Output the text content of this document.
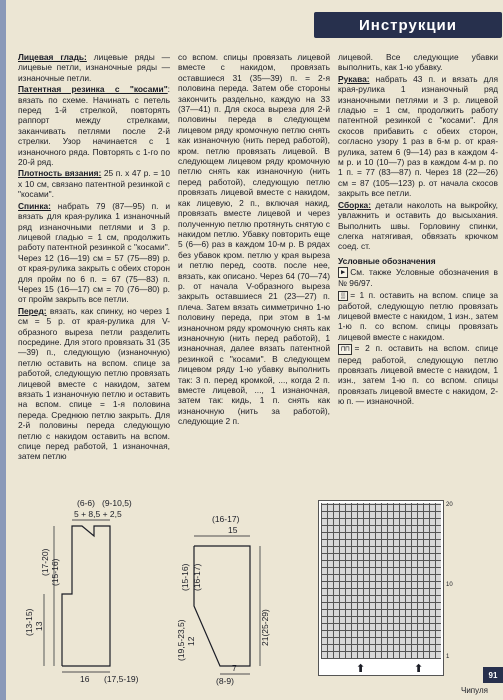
Инструкции

Лицевая гладь: лицевые ряды — лицевые петли, изнаночные ряды — изнаночные петли.

Патентная резинка с "косами": вязать по схеме. Начинать с петель перед 1-й стрелкой, повторять раппорт между стрелками, заканчивать петлями после 2-й стрелки. Узор начинается с 1 изнаночного ряда. Повторять с 1-го по 20-й ряд.

Плотность вязания: 25 п. х 47 р. = 10 х 10 см, связано патентной резинкой с "косами".

Спинка: набрать 79 (87—95) п. и вязать для края-рулика 1 изнаночный ряд изнаночными петлями и 3 р. лицевой гладью = 1 см, продолжить работу патентной резинкой с "косами". Через 12 (16—19) см = 57 (75—89) р. от края-рулика закрыть с обеих сторон для пройм по 6 п. = 67 (75—83) п. Через 15 (16—17) см = 70 (76—80) р. от пройм закрыть все петли.

Перед: вязать, как спинку, но через 1 см = 5 р. от края-рулика для V-образного выреза петли разделить посредине. Для этого провязать 31 (35—39) п., следующую (изнаночную) петлю оставить на вспом. спице за работой, следующую петлю провязать лицевой вместе с накидом, затем вязать 1 изнаночную петлю и оставить на вспом. спице = 1-я половина переда. Среднюю петлю закрыть. Для 2-й половины переда следующую петлю с накидом оставить на вспом. спице перед работой, 1 изнаночная, затем петлю

со вспом. спицы провязать лицевой вместе с накидом, провязать оставшиеся 31 (35—39) п. = 2-я половина переда. Затем обе стороны закончить раздельно, каждую на 33 (37—41) п. Для скоса выреза для 2-й половины переда в следующем лицевом ряду кромочную петлю снять как изнаночную (нить перед работой), кром. петлю провязать лицевой. В следующем лицевом ряду кромочную петлю снять как изнаночную (нить перед работой), следующую петлю провязать лицевой вместе с накидом, как лицевую, 2 п., включая накид, провязать вместе лицевой и через полученную петлю протянуть снятую с накидом петлю. Убавку повторить еще 5 (6—6) раз в каждом 10-м р. В рядах без убавок кром. петлю у края выреза и петлю перед, соотв. после нее, вязать, как описано. Через 64 (70—74) р. от начала V-образного выреза закрыть оставшиеся 21 (23—27) п. плеча. Затем вязать симметрично 1-ю половину переда, при этом в 1-м изнаночном ряду кромочную снять как изнаночную (нить перед работой), 1 изнаночная, далее вязать патентной резинкой с "косами". В следующем лицевом ряду 1-ю убавку выполнить так: 3 п. перед кромкой, ..., когда 2 п. вместе лицевой, ..., 1 изнаночная, затем так: кидь, 1 п. снять как изнаночную (нить за работой), следующие 2 п.

лицевой. Все следующие убавки выполнить, как 1-ю убавку.

Рукава: набрать 43 п. и вязать для края-рулика 1 изнаночный ряд изнаночными петлями и 3 р. лицевой гладью = 1 см, продолжить работу патентной резинкой с "косами". Для скосов прибавить с обеих сторон, согласно узору 1 раз в 6-м р. от края-рулика, затем 6 (9—14) раз в каждом 4-м р. и 10 (10—7) раз в каждом 4-м р. по 1 п. = 77 (83—87) п. Через 18 (22—26) см = 87 (105—123) р. от начала скосов закрыть все петли.

Сборка: детали наколоть на выкройку, увлажнить и оставить до высыхания. Выполнить швы. Горловину спинки, слегка натягивая, обвязать крючком соед. ст.

Условные обозначения

▶ См. также Условные обозначения в № 96/97.

▒ = 1 п. оставить на вспом. спице за работой, следующую петлю провязать лицевой вместе с накидом, 1 изн., затем 1-ю п. со вспом. спицы провязать лицевой вместе с накидом.

⊓⊓ = 2 п. оставить на вспом. спице перед работой, следующую петлю провязать лицевой вместе с накидом, 1 изн., затем 1-ю п. со вспом. спицы провязать лицевой вместе с накидом, 2-ю п. — изнаночной.

(6-6) (9-10,5)
5 + 8,5 + 2,5
(15-16)
(17-20)
13
(13-15)
16 (17,5-19)
(16-17)
15
(15-16) (16-17)
(19,5-23,5) 12	21(25-29)
7
(8-9)
1
10
20
⬆	⬆	91
Чипуля
